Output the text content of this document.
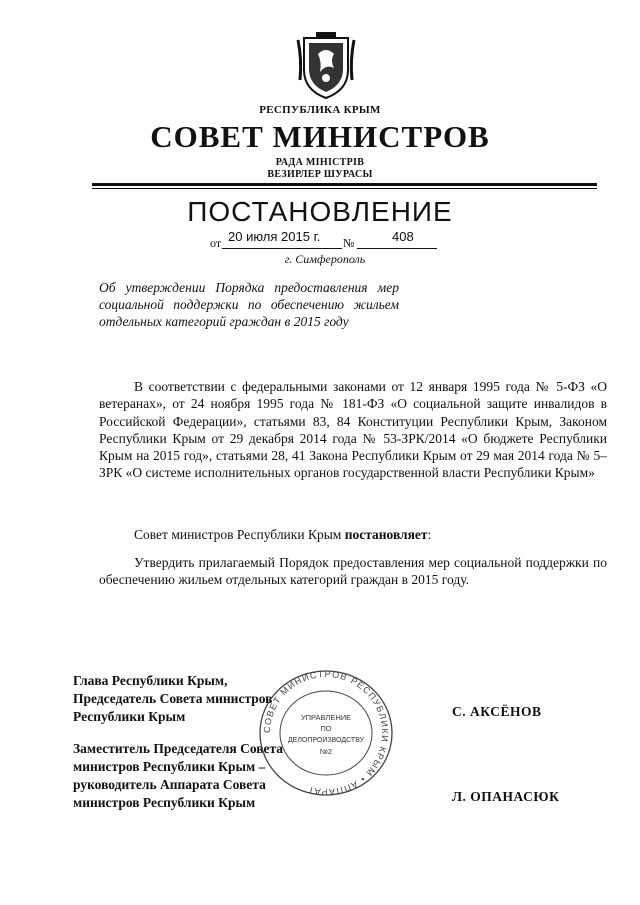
РЕСПУБЛИКА КРЫМ
СОВЕТ МИНИСТРОВ
РАДА МІНІСТРІВ
ВЕЗИРЛЕР ШУРАСЫ
ПОСТАНОВЛЕНИЕ
от 20 июля 2015 г. №	408
г. Симферополь
Об утверждении Порядка предоставления мер социальной поддержки по обеспечению жильем отдельных категорий граждан в 2015 году
В соответствии с федеральными законами от 12 января 1995 года № 5-ФЗ «О ветеранах», от 24 ноября 1995 года № 181-ФЗ «О социальной защите инвалидов в Российской Федерации», статьями 83, 84 Конституции Республики Крым, Законом Республики Крым от 29 декабря 2014 года № 53-ЗРК/2014 «О бюджете Республики Крым на 2015 год», статьями 28, 41 Закона Республики Крым от 29 мая 2014 года № 5–ЗРК «О системе исполнительных органов государственной власти Республики Крым»
Совет министров Республики Крым постановляет:
Утвердить прилагаемый Порядок предоставления мер социальной поддержки по обеспечению жильем отдельных категорий граждан в 2015 году.
Глава Республики Крым,
Председатель Совета министров
Республики Крым	С. АКСЁНОВ
Заместитель Председателя Совета
министров Республики Крым –
руководитель Аппарата Совета
министров Республики Крым	Л. ОПАНАСЮК
СОВЕТ МИНИСТРОВ РЕСПУБЛИКИ КРЫМ • АППАРАТ
УПРАВЛЕНИЕ
ПО
ДЕЛОПРОИЗВОДСТВУ
№2
